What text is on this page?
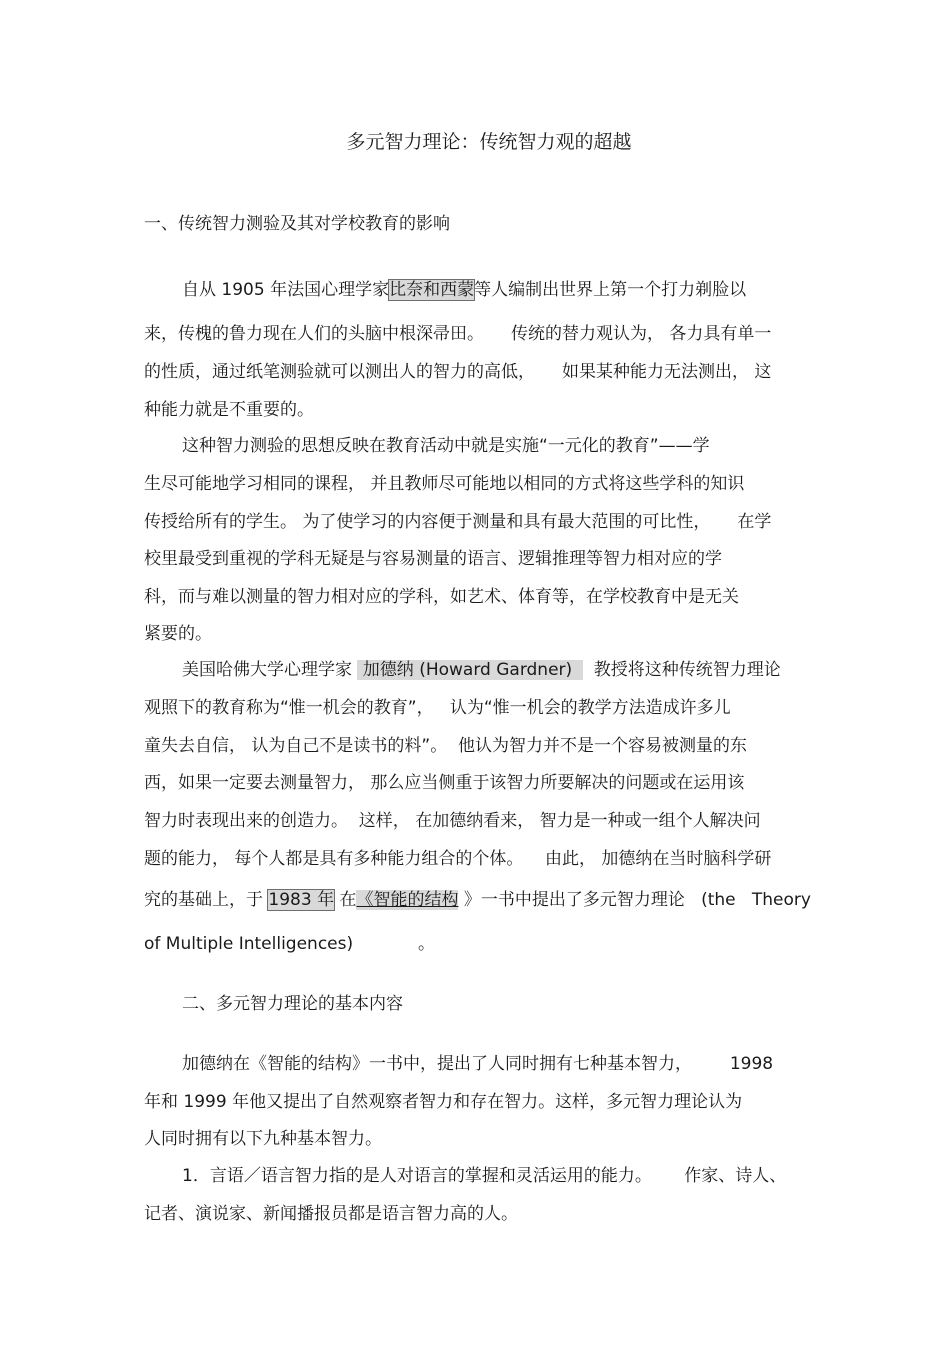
多元智力理论：传统智力观的超越
一、传统智力测验及其对学校教育的影响
自从 1905 年法国心理学家比奈和西蒙等人编制出世界上第一个打力剃脸以
来，传槐的鲁力现在人们的头脑中根深帚田。     传统的替力观认为， 各力具有单一
的性质，通过纸笔测验就可以测出人的智力的高低，     如果某种能力无法测出， 这
种能力就是不重要的。
这种智力测验的思想反映在教育活动中就是实施“一元化的教育”——学
生尽可能地学习相同的课程， 并且教师尽可能地以相同的方式将这些学科的知识
传授给所有的学生。 为了使学习的内容便于测量和具有最大范围的可比性，     在学
校里最受到重视的学科无疑是与容易测量的语言、逻辑推理等智力相对应的学
科，而与难以测量的智力相对应的学科，如艺术、体育等，在学校教育中是无关
紧要的。
美国哈佛大学心理学家  加德纳 (Howard Gardner)    教授将这种传统智力理论
观照下的教育称为“惟一机会的教育”，   认为“惟一机会的教学方法造成许多儿
童失去自信， 认为自己不是读书的料”。  他认为智力并不是一个容易被测量的东
西，如果一定要去测量智力， 那么应当侧重于该智力所要解决的问题或在运用该
智力时表现出来的创造力。  这样， 在加德纳看来， 智力是一种或一组个人解决问
题的能力， 每个人都是具有多种能力组合的个体。    由此， 加德纳在当时脑科学研
究的基础上，于 1983 年 在《智能的结构 》一书中提出了多元智力理论   (the   Theory
of Multiple Intelligences)            。
二、多元智力理论的基本内容
加德纳在《智能的结构》一书中，提出了人同时拥有七种基本智力，       1998
年和 1999 年他又提出了自然观察者智力和存在智力。这样，多元智力理论认为
人同时拥有以下九种基本智力。
1．言语／语言智力指的是人对语言的掌握和灵活运用的能力。      作家、诗人、
记者、演说家、新闻播报员都是语言智力高的人。
